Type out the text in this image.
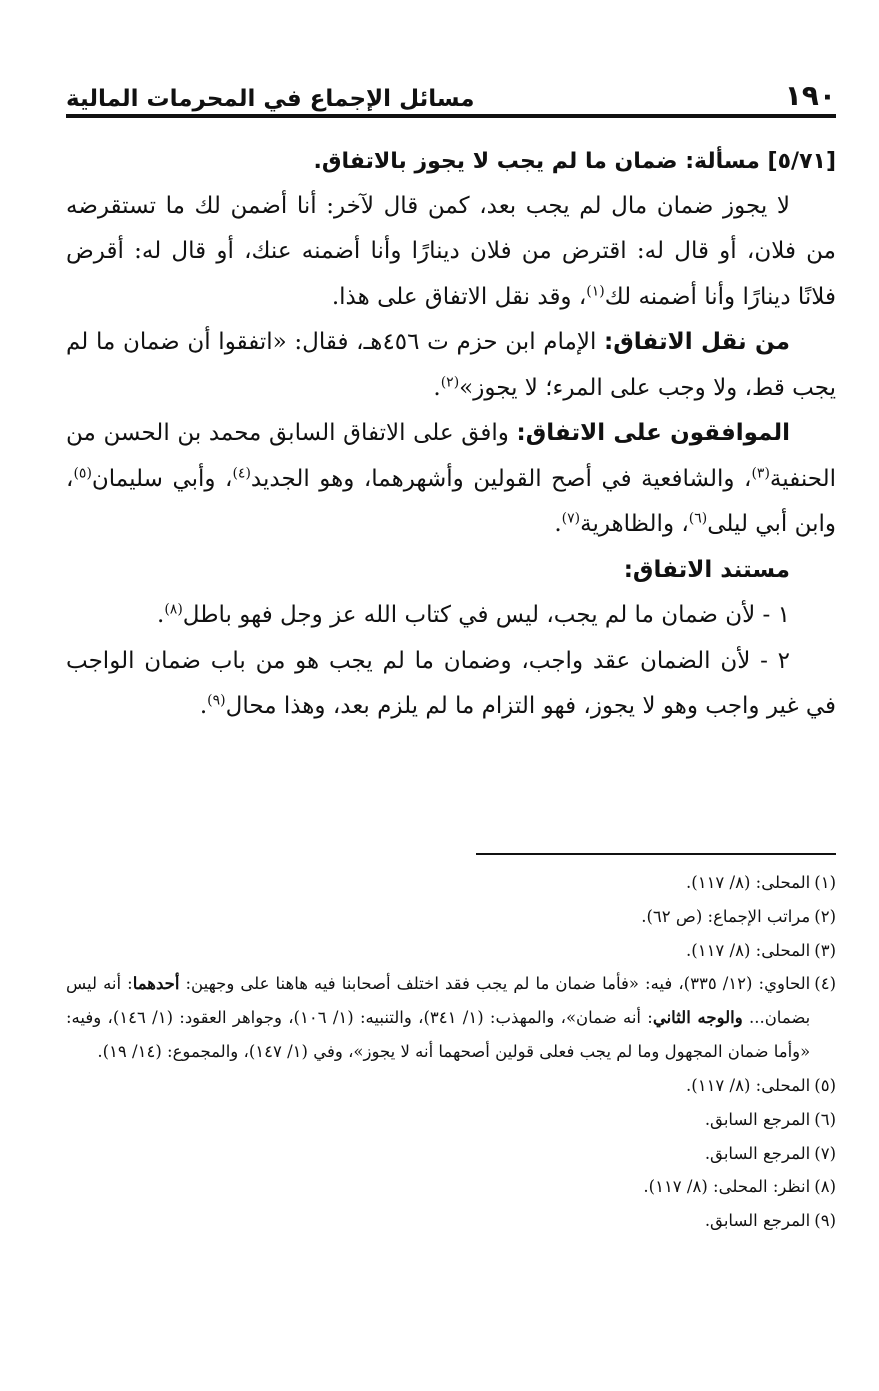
١٩٠
مسائل الإجماع في المحرمات المالية

[٥/٧١] مسألة: ضمان ما لم يجب لا يجوز بالاتفاق.

لا يجوز ضمان مال لم يجب بعد، كمن قال لآخر: أنا أضمن لك ما تستقرضه من فلان، أو قال له: اقترض من فلان دينارًا وأنا أضمنه عنك، أو قال له: أقرض فلانًا دينارًا وأنا أضمنه لك$^{(١)}$، وقد نقل الاتفاق على هذا.

من نقل الاتفاق: الإمام ابن حزم ت ٤٥٦هـ، فقال: «اتفقوا أن ضمان ما لم يجب قط، ولا وجب على المرء؛ لا يجوز»$^{(٢)}$.

الموافقون على الاتفاق: وافق على الاتفاق السابق محمد بن الحسن من الحنفية$^{(٣)}$، والشافعية في أصح القولين وأشهرهما، وهو الجديد$^{(٤)}$، وأبي سليمان$^{(٥)}$، وابن أبي ليلى$^{(٦)}$، والظاهرية$^{(٧)}$.

مستند الاتفاق:

١ - لأن ضمان ما لم يجب، ليس في كتاب الله عز وجل فهو باطل$^{(٨)}$.

٢ - لأن الضمان عقد واجب، وضمان ما لم يجب هو من باب ضمان الواجب في غير واجب وهو لا يجوز، فهو التزام ما لم يلزم بعد، وهذا محال$^{(٩)}$.

(١)
المحلى: (٨/ ١١٧).
(٢)
مراتب الإجماع: (ص ٦٢).
(٣)
المحلى: (٨/ ١١٧).
(٤)
الحاوي: (١٢/ ٣٣٥)، فيه: «فأما ضمان ما لم يجب فقد اختلف أصحابنا فيه هاهنا على وجهين: أحدهما: أنه ليس بضمان... والوجه الثاني: أنه ضمان»، والمهذب: (١/ ٣٤١)، والتنبيه: (١/ ١٠٦)، وجواهر العقود: (١/ ١٤٦)، وفيه: «وأما ضمان المجهول وما لم يجب فعلى قولين أصحهما أنه لا يجوز»، وفي (١/ ١٤٧)، والمجموع: (١٤/ ١٩).
(٥)
المحلى: (٨/ ١١٧).
(٦)
المرجع السابق.
(٧)
المرجع السابق.
(٨)
انظر: المحلى: (٨/ ١١٧).
(٩)
المرجع السابق.
